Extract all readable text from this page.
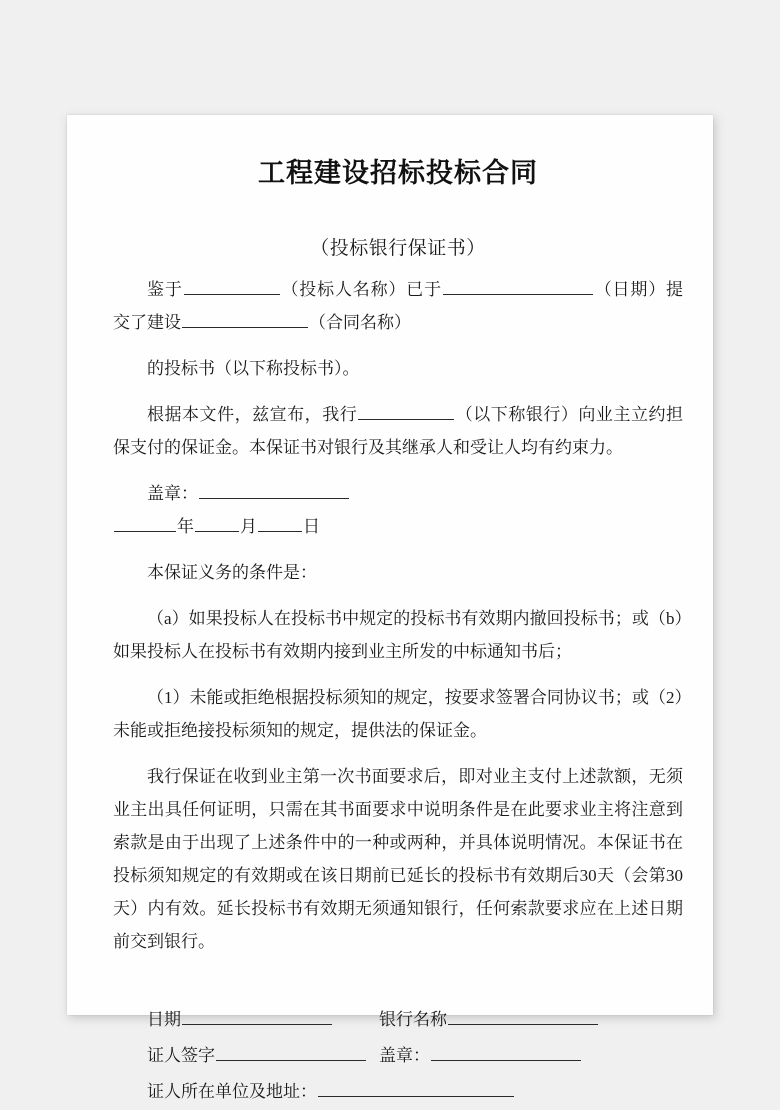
工程建设招标投标合同

（投标银行保证书）

鉴于	（投标人名称）已于	（日期）提交了建设	（合同名称）

的投标书（以下称投标书）。

根据本文件，兹宣布，我行	（以下称银行）向业主立约担保支付的保证金。本保证书对银行及其继承人和受让人均有约束力。

盖章：

年	月	日

本保证义务的条件是：

（a）如果投标人在投标书中规定的投标书有效期内撤回投标书；或（b）如果投标人在投标书有效期内接到业主所发的中标通知书后；

（1）未能或拒绝根据投标须知的规定，按要求签署合同协议书；或（2）未能或拒绝接投标须知的规定，提供法的保证金。

我行保证在收到业主第一次书面要求后，即对业主支付上述款额，无须业主出具任何证明，只需在其书面要求中说明条件是在此要求业主将注意到索款是由于出现了上述条件中的一种或两种，并具体说明情况。本保证书在投标须知规定的有效期或在该日期前已延长的投标书有效期后30天（会第30天）内有效。延长投标书有效期无须通知银行，任何索款要求应在上述日期前交到银行。

日期	银行名称
证人签字	盖章：
证人所在单位及地址：
